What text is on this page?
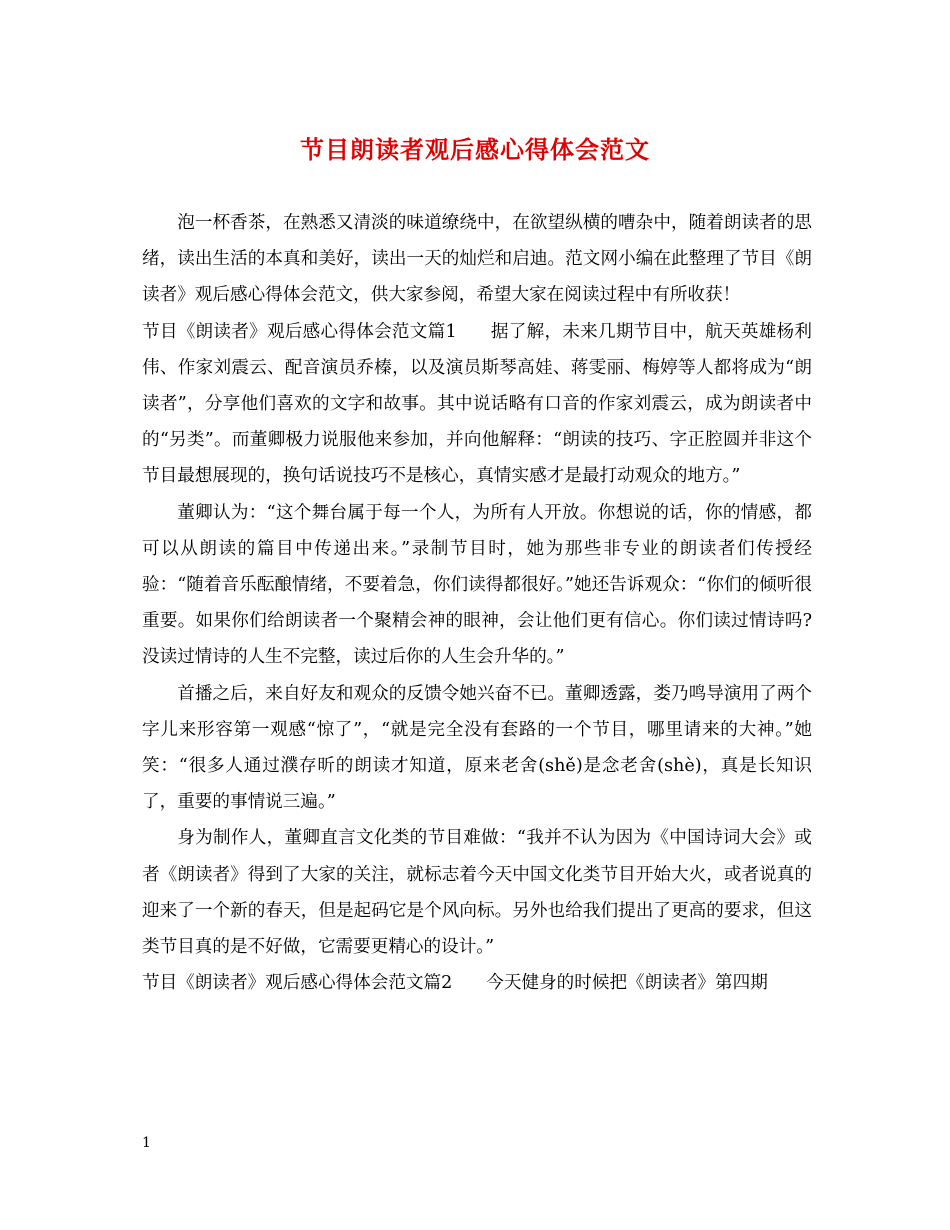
节目朗读者观后感心得体会范文

泡一杯香茶，在熟悉又清淡的味道缭绕中，在欲望纵横的嘈杂中，随着朗读者的思绪，读出生活的本真和美好，读出一天的灿烂和启迪。范文网小编在此整理了节目《朗读者》观后感心得体会范文，供大家参阅，希望大家在阅读过程中有所收获！

节目《朗读者》观后感心得体会范文篇1 据了解，未来几期节目中，航天英雄杨利伟、作家刘震云、配音演员乔榛，以及演员斯琴高娃、蒋雯丽、梅婷等人都将成为“朗读者”，分享他们喜欢的文字和故事。其中说话略有口音的作家刘震云，成为朗读者中的“另类”。而董卿极力说服他来参加，并向他解释：“朗读的技巧、字正腔圆并非这个节目最想展现的，换句话说技巧不是核心，真情实感才是最打动观众的地方。”

董卿认为：“这个舞台属于每一个人，为所有人开放。你想说的话，你的情感，都可以从朗读的篇目中传递出来。”录制节目时，她为那些非专业的朗读者们传授经验：“随着音乐酝酿情绪，不要着急，你们读得都很好。”她还告诉观众：“你们的倾听很重要。如果你们给朗读者一个聚精会神的眼神，会让他们更有信心。你们读过情诗吗?没读过情诗的人生不完整，读过后你的人生会升华的。”

首播之后，来自好友和观众的反馈令她兴奋不已。董卿透露，娄乃鸣导演用了两个字儿来形容第一观感“惊了”，“就是完全没有套路的一个节目，哪里请来的大神。”她笑：“很多人通过濮存昕的朗读才知道，原来老舍(shě)是念老舍(shè)，真是长知识了，重要的事情说三遍。”

身为制作人，董卿直言文化类的节目难做：“我并不认为因为《中国诗词大会》或者《朗读者》得到了大家的关注，就标志着今天中国文化类节目开始大火，或者说真的迎来了一个新的春天，但是起码它是个风向标。另外也给我们提出了更高的要求，但这类节目真的是不好做，它需要更精心的设计。”

节目《朗读者》观后感心得体会范文篇2 今天健身的时候把《朗读者》第四期

1
